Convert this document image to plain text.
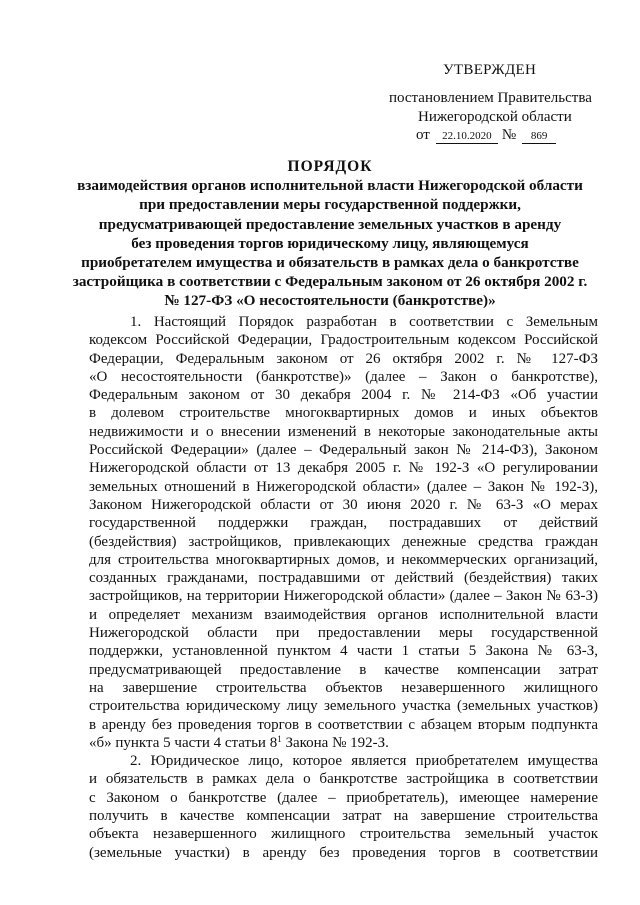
УТВЕРЖДЕН
постановлением Правительства
Нижегородской области
от 22.10.2020 № 869
ПОРЯДОК
взаимодействия органов исполнительной власти Нижегородской области
при предоставлении меры государственной поддержки,
предусматривающей предоставление земельных участков в аренду
без проведения торгов юридическому лицу, являющемуся
приобретателем имущества и обязательств в рамках дела о банкротстве
застройщика в соответствии с Федеральным законом от 26 октября 2002 г.
№ 127-ФЗ «О несостоятельности (банкротстве)»
1. Настоящий Порядок разработан в соответствии с Земельным
кодексом Российской Федерации, Градостроительным кодексом Российской
Федерации, Федеральным законом от 26 октября 2002 г. № 127-ФЗ
«О несостоятельности (банкротстве)» (далее – Закон о банкротстве),
Федеральным законом от 30 декабря 2004 г. № 214-ФЗ «Об участии
в долевом строительстве многоквартирных домов и иных объектов
недвижимости и о внесении изменений в некоторые законодательные акты
Российской Федерации» (далее – Федеральный закон № 214-ФЗ), Законом
Нижегородской области от 13 декабря 2005 г. № 192-З «О регулировании
земельных отношений в Нижегородской области» (далее – Закон № 192-З),
Законом Нижегородской области от 30 июня 2020 г. № 63-З «О мерах
государственной поддержки граждан, пострадавших от действий
(бездействия) застройщиков, привлекающих денежные средства граждан
для строительства многоквартирных домов, и некоммерческих организаций,
созданных гражданами, пострадавшими от действий (бездействия) таких
застройщиков, на территории Нижегородской области» (далее – Закон № 63-З)
и определяет механизм взаимодействия органов исполнительной власти
Нижегородской области при предоставлении меры государственной
поддержки, установленной пунктом 4 части 1 статьи 5 Закона № 63-З,
предусматривающей предоставление в качестве компенсации затрат
на завершение строительства объектов незавершенного жилищного
строительства юридическому лицу земельного участка (земельных участков)
в аренду без проведения торгов в соответствии с абзацем вторым подпункта
«б» пункта 5 части 4 статьи $8^1$ Закона № 192-З.
2. Юридическое лицо, которое является приобретателем имущества
и обязательств в рамках дела о банкротстве застройщика в соответствии
с Законом о банкротстве (далее – приобретатель), имеющее намерение
получить в качестве компенсации затрат на завершение строительства
объекта незавершенного жилищного строительства земельный участок
(земельные участки) в аренду без проведения торгов в соответствии
